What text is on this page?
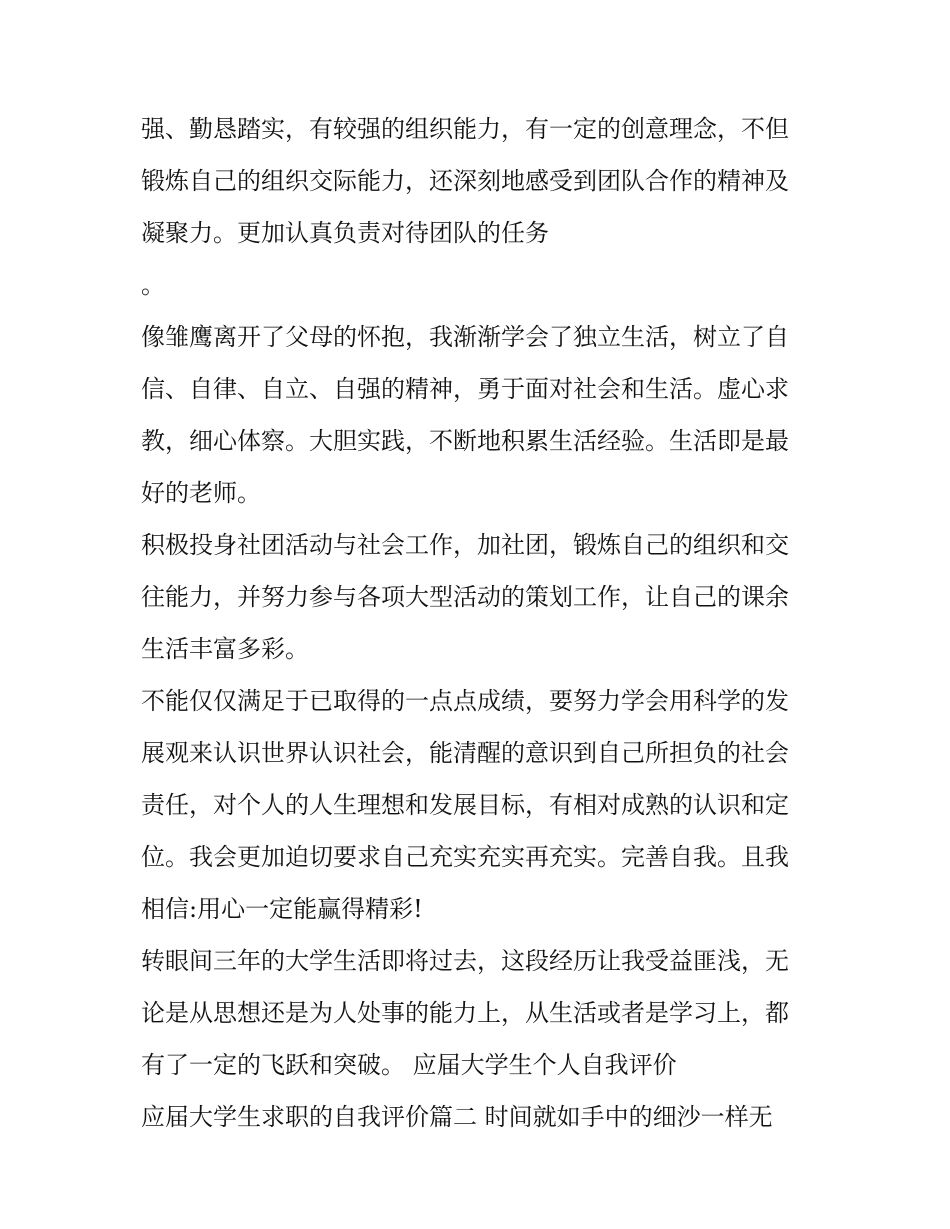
强、勤恳踏实，有较强的组织能力，有一定的创意理念，不但

锻炼自己的组织交际能力，还深刻地感受到团队合作的精神及

凝聚力。更加认真负责对待团队的任务

。

像雏鹰离开了父母的怀抱，我渐渐学会了独立生活，树立了自

信、自律、自立、自强的精神，勇于面对社会和生活。虚心求

教，细心体察。大胆实践，不断地积累生活经验。生活即是最

好的老师。

积极投身社团活动与社会工作，加社团，锻炼自己的组织和交

往能力，并努力参与各项大型活动的策划工作，让自己的课余

生活丰富多彩。

不能仅仅满足于已取得的一点点成绩，要努力学会用科学的发

展观来认识世界认识社会，能清醒的意识到自己所担负的社会

责任，对个人的人生理想和发展目标，有相对成熟的认识和定

位。我会更加迫切要求自己充实充实再充实。完善自我。且我

相信:用心一定能赢得精彩!

转眼间三年的大学生活即将过去，这段经历让我受益匪浅，无

论是从思想还是为人处事的能力上，从生活或者是学习上，都

有了一定的飞跃和突破。 应届大学生个人自我评价

应届大学生求职的自我评价篇二 时间就如手中的细沙一样无
